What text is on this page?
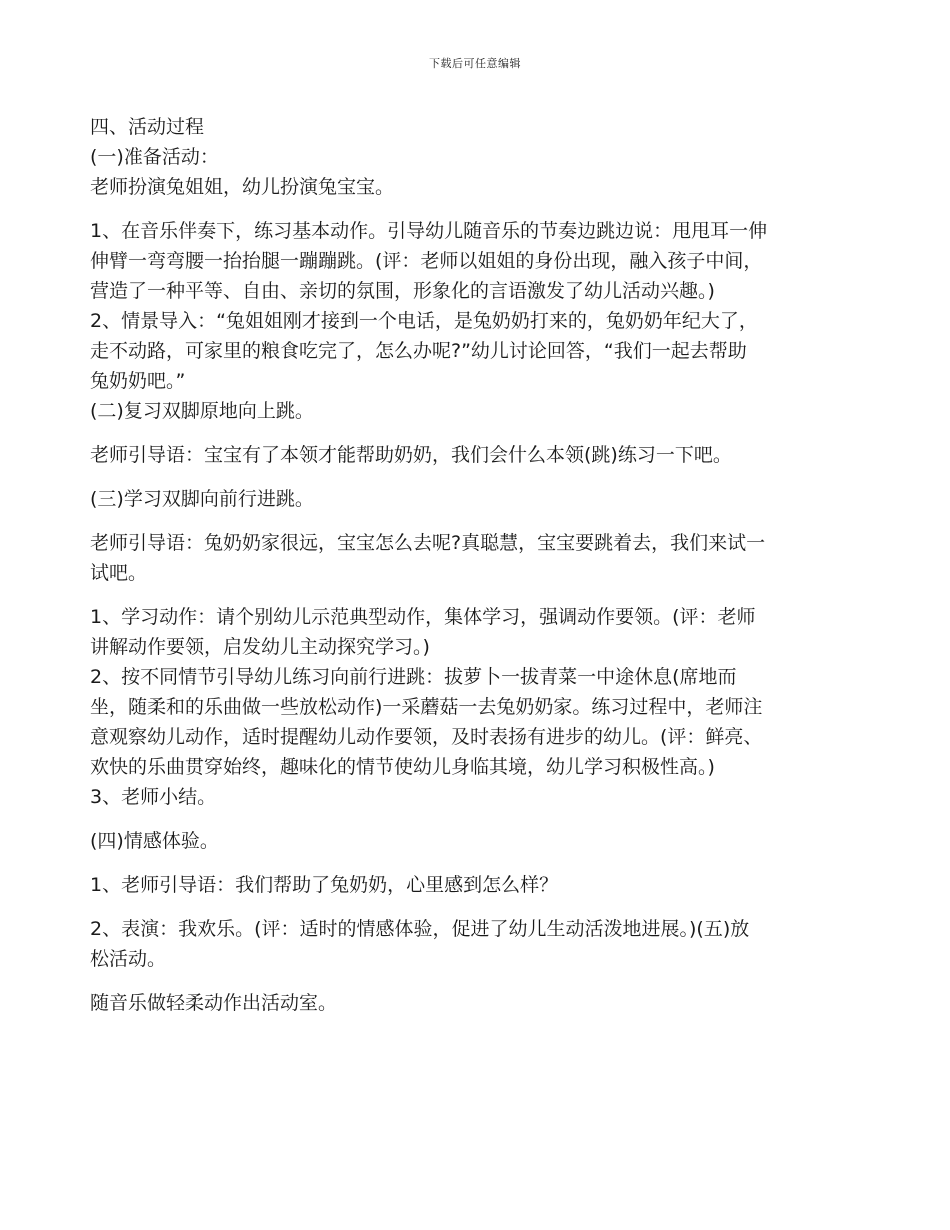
下载后可任意编辑
四、活动过程
(一)准备活动：
老师扮演兔姐姐，幼儿扮演兔宝宝。
1、在音乐伴奏下，练习基本动作。引导幼儿随音乐的节奏边跳边说：甩甩耳一伸
伸臂一弯弯腰一抬抬腿一蹦蹦跳。(评：老师以姐姐的身份出现，融入孩子中间，
营造了一种平等、自由、亲切的氛围，形象化的言语激发了幼儿活动兴趣。)
2、情景导入：“兔姐姐刚才接到一个电话，是兔奶奶打来的，兔奶奶年纪大了，
走不动路，可家里的粮食吃完了，怎么办呢?”幼儿讨论回答，“我们一起去帮助
兔奶奶吧。”
(二)复习双脚原地向上跳。
老师引导语：宝宝有了本领才能帮助奶奶，我们会什么本领(跳)练习一下吧。
(三)学习双脚向前行进跳。
老师引导语：兔奶奶家很远，宝宝怎么去呢?真聪慧，宝宝要跳着去，我们来试一
试吧。
1、学习动作：请个别幼儿示范典型动作，集体学习，强调动作要领。(评：老师
讲解动作要领，启发幼儿主动探究学习。)
2、按不同情节引导幼儿练习向前行进跳：拔萝卜一拔青菜一中途休息(席地而
坐，随柔和的乐曲做一些放松动作)一采蘑菇一去兔奶奶家。练习过程中，老师注
意观察幼儿动作，适时提醒幼儿动作要领，及时表扬有进步的幼儿。(评：鲜亮、
欢快的乐曲贯穿始终，趣味化的情节使幼儿身临其境，幼儿学习积极性高。)
3、老师小结。
(四)情感体验。
1、老师引导语：我们帮助了兔奶奶，心里感到怎么样？
2、表演：我欢乐。(评：适时的情感体验，促进了幼儿生动活泼地进展。)(五)放
松活动。
随音乐做轻柔动作出活动室。
